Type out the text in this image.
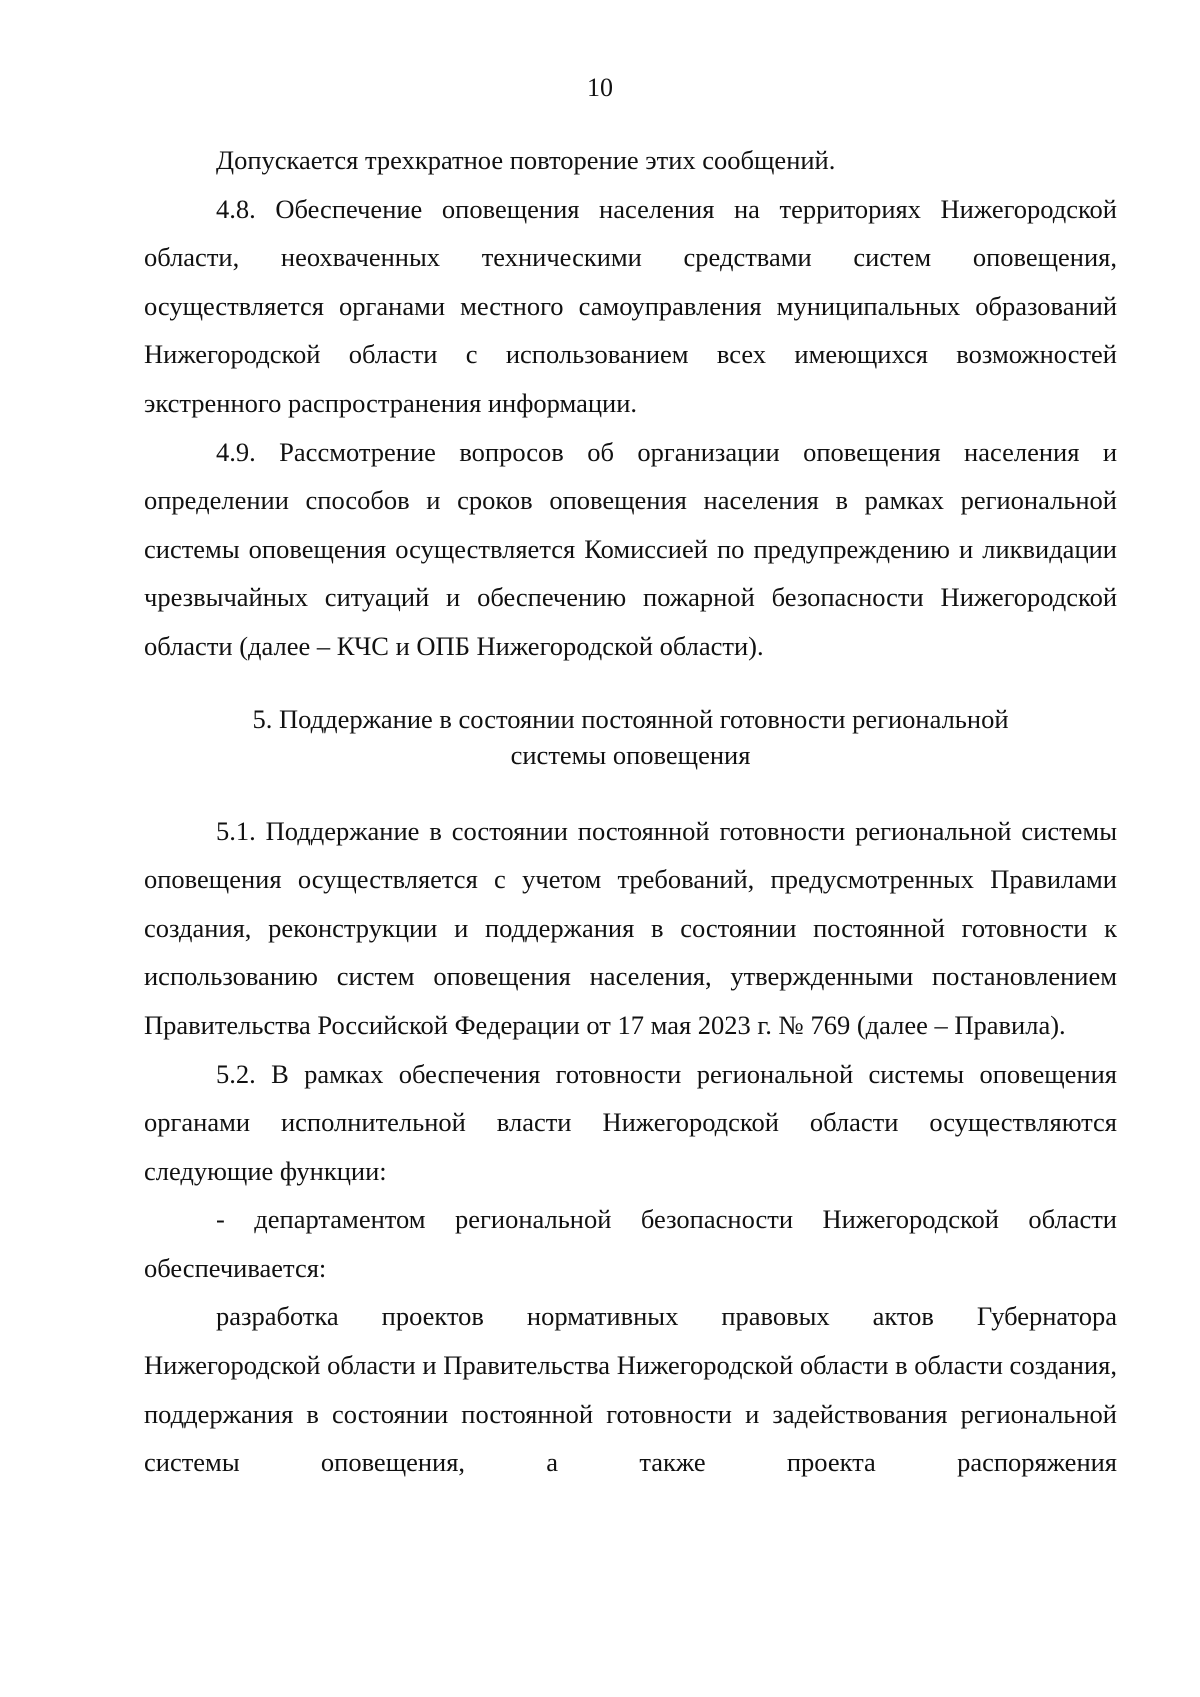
10

Допускается трехкратное повторение этих сообщений.

4.8. Обеспечение оповещения населения на территориях Нижегородской области, неохваченных техническими средствами систем оповещения, осуществляется органами местного самоуправления муниципальных образований Нижегородской области с использованием всех имеющихся возможностей экстренного распространения информации.

4.9. Рассмотрение вопросов об организации оповещения населения и определении способов и сроков оповещения населения в рамках региональной системы оповещения осуществляется Комиссией по предупреждению и ликвидации чрезвычайных ситуаций и обеспечению пожарной безопасности Нижегородской области (далее – КЧС и ОПБ Нижегородской области).

5. Поддержание в состоянии постоянной готовности региональной
системы оповещения

5.1. Поддержание в состоянии постоянной готовности региональной системы оповещения осуществляется с учетом требований, предусмотренных Правилами создания, реконструкции и поддержания в состоянии постоянной готовности к использованию систем оповещения населения, утвержденными постановлением Правительства Российской Федерации от 17 мая 2023 г. № 769 (далее – Правила).

5.2. В рамках обеспечения готовности региональной системы оповещения органами исполнительной власти Нижегородской области осуществляются следующие функции:

- департаментом региональной безопасности Нижегородской области обеспечивается:

разработка проектов нормативных правовых актов Губернатора Нижегородской области и Правительства Нижегородской области в области создания, поддержания в состоянии постоянной готовности и задействования региональной системы оповещения, а также проекта распоряжения
